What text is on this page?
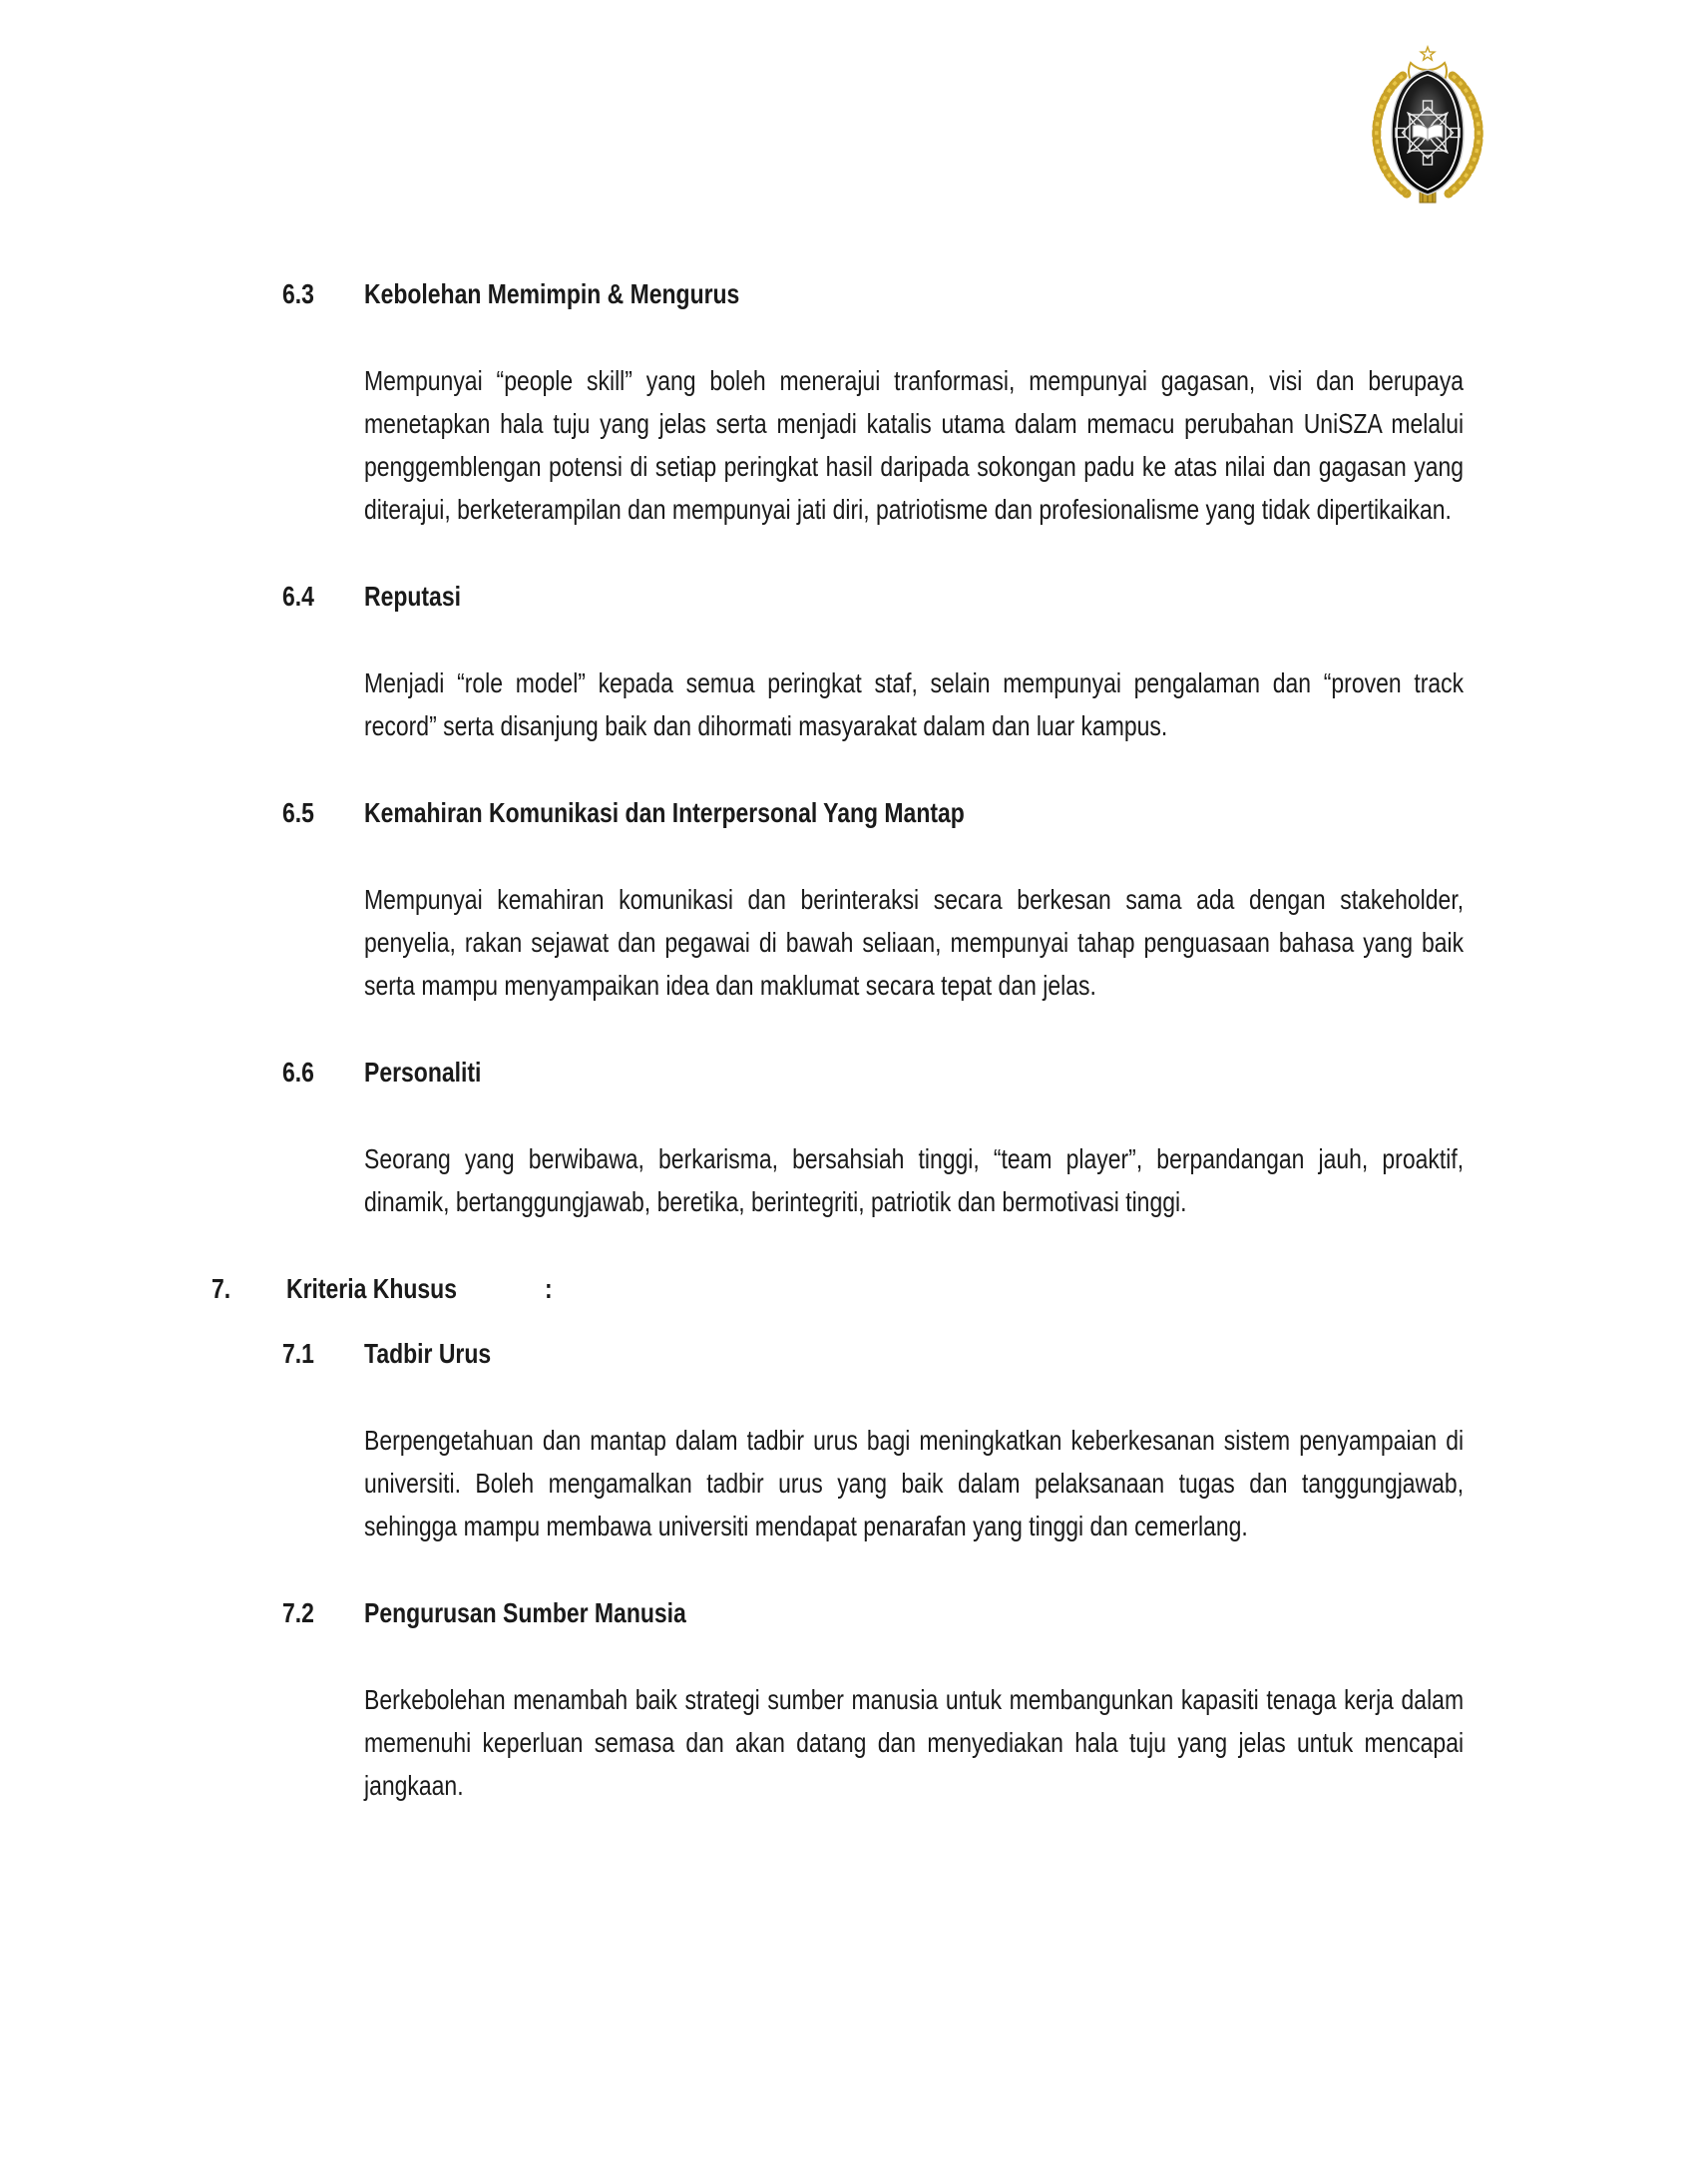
6.3	Kebolehan Memimpin & Mengurus

Mempunyai “people skill” yang boleh menerajui tranformasi, mempunyai gagasan, visi dan berupaya menetapkan hala tuju yang jelas serta menjadi katalis utama dalam memacu perubahan UniSZA melalui penggemblengan potensi di setiap peringkat hasil daripada sokongan padu ke atas nilai dan gagasan yang diterajui, berketerampilan dan mempunyai jati diri, patriotisme dan profesionalisme yang tidak dipertikaikan.

6.4	Reputasi

Menjadi “role model” kepada semua peringkat staf, selain mempunyai pengalaman dan “proven track record” serta disanjung baik dan dihormati masyarakat dalam dan luar kampus.

6.5	Kemahiran Komunikasi dan Interpersonal Yang Mantap

Mempunyai kemahiran komunikasi dan berinteraksi secara berkesan sama ada dengan stakeholder, penyelia, rakan sejawat dan pegawai di bawah seliaan, mempunyai tahap penguasaan bahasa yang baik serta mampu menyampaikan idea dan maklumat secara tepat dan jelas.

6.6	Personaliti

Seorang yang berwibawa, berkarisma, bersahsiah tinggi, “team player”, berpandangan jauh, proaktif, dinamik, bertanggungjawab, beretika, berintegriti, patriotik dan bermotivasi tinggi.

7.	Kriteria Khusus	:
7.1	Tadbir Urus

Berpengetahuan dan mantap dalam tadbir urus bagi meningkatkan keberkesanan sistem penyampaian di universiti. Boleh mengamalkan tadbir urus yang baik dalam pelaksanaan tugas dan tanggungjawab, sehingga mampu membawa universiti mendapat penarafan yang tinggi dan cemerlang.

7.2	Pengurusan Sumber Manusia

Berkebolehan menambah baik strategi sumber manusia untuk membangunkan kapasiti tenaga kerja dalam memenuhi keperluan semasa dan akan datang dan menyediakan hala tuju yang jelas untuk mencapai jangkaan.
